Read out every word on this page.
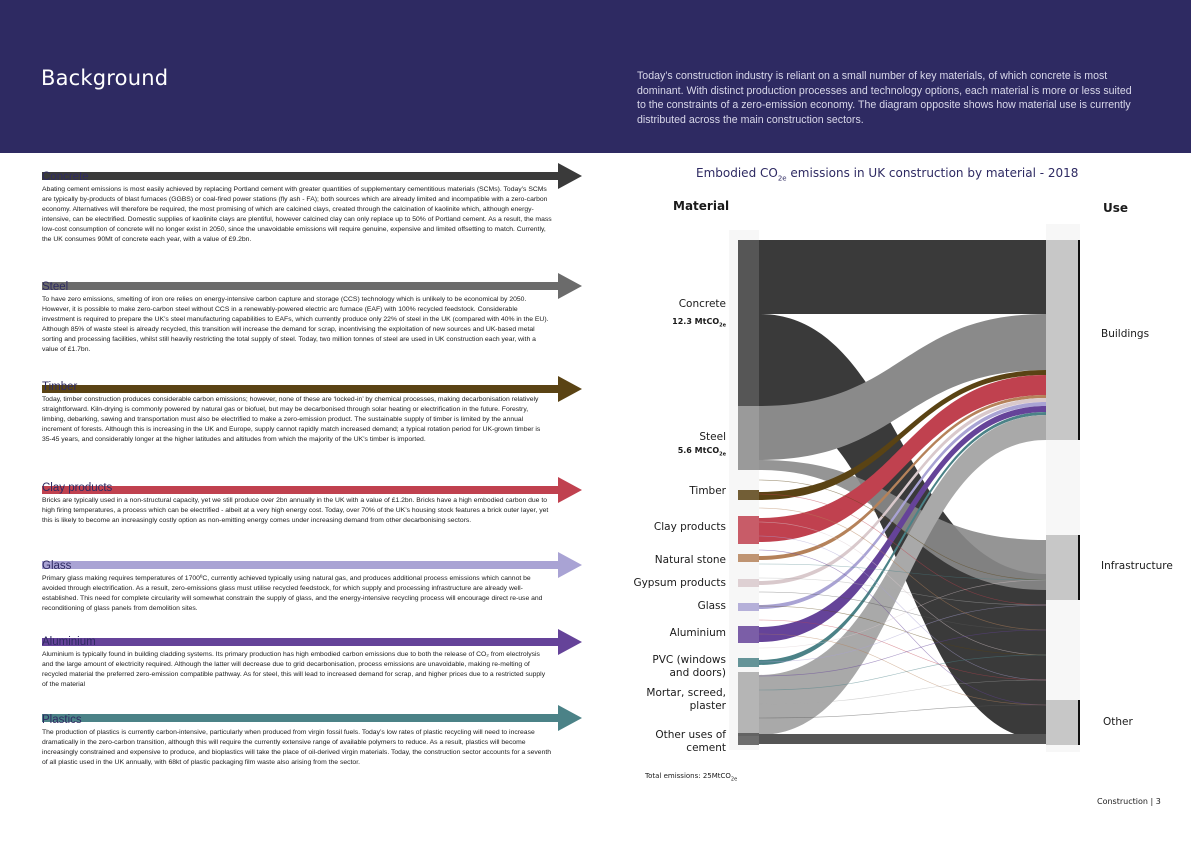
Background	Today’s construction industry is reliant on a small number of key materials, of which concrete is most dominant. With distinct production processes and technology options, each material is more or less suited to the constraints of a zero-emission economy. The diagram opposite shows how material use is currently distributed across the main construction sectors.

Concrete

Abating cement emissions is most easily achieved by replacing Portland cement with greater quantities of supplementary cementitious materials (SCMs). Today’s SCMs are typically by-products of blast furnaces (GGBS) or coal-fired power stations (fly ash - FA); both sources which are already limited and incompatible with a zero-carbon economy. Alternatives will therefore be required, the most promising of which are calcined clays, created through the calcination of kaolinite which, although energy-intensive, can be electrified. Domestic supplies of kaolinite clays are plentiful, however calcined clay can only replace up to 50% of Portland cement. As a result, the mass low-cost consumption of concrete will no longer exist in 2050, since the unavoidable emissions will require genuine, expensive and limited offsetting to match. Currently, the UK consumes 90Mt of concrete each year, with a value of £9.2bn.

Steel

To have zero emissions, smelting of iron ore relies on energy-intensive carbon capture and storage (CCS) technology which is unlikely to be economical by 2050. However, it is possible to make zero-carbon steel without CCS in a renewably-powered electric arc furnace (EAF) with 100% recycled feedstock. Considerable investment is required to prepare the UK’s steel manufacturing capabilities to EAFs, which currently produce only 22% of steel in the UK (compared with 40% in the EU). Although 85% of waste steel is already recycled, this transition will increase the demand for scrap, incentivising the exploitation of new sources and UK-based metal sorting and processing facilities, whilst still heavily restricting the total supply of steel. Today, two million tonnes of steel are used in UK construction each year, with a value of £1.7bn.

Timber

Today, timber construction produces considerable carbon emissions; however, none of these are ‘locked-in’ by chemical processes, making decarbonisation relatively straightforward. Kiln-drying is commonly powered by natural gas or biofuel, but may be decarbonised through solar heating or electrification in the future. Forestry, limbing, debarking, sawing and transportation must also be electrified to make a zero-emission product. The sustainable supply of timber is limited by the annual increment of forests. Although this is increasing in the UK and Europe, supply cannot rapidly match increased demand; a typical rotation period for UK-grown timber is 35-45 years, and considerably longer at the higher latitudes and altitudes from which the majority of the UK’s timber is imported.

Clay products

Bricks are typically used in a non-structural capacity, yet we still produce over 2bn annually in the UK with a value of £1.2bn. Bricks have a high embodied carbon due to high firing temperatures, a process which can be electrified - albeit at a very high energy cost. Today, over 70% of the UK’s housing stock features a brick outer layer, yet this is likely to become an increasingly costly option as non-emitting energy comes under increasing demand from other decarbonising sectors.

Glass

Primary glass making requires temperatures of 1700ºC, currently achieved typically using natural gas, and produces additional process emissions which cannot be avoided through electrification. As a result, zero-emissions glass must utilise recycled feedstock, for which supply and processing infrastructure are already well-established. This need for complete circularity will somewhat constrain the supply of glass, and the energy-intensive recycling process will encourage direct re-use and reconditioning of glass panels from demolition sites.

Aluminium

Aluminium is typically found in building cladding systems. Its primary production has high embodied carbon emissions due to both the release of CO₂ from electrolysis and the large amount of electricity required. Although the latter will decrease due to grid decarbonisation, process emissions are unavoidable, making re-melting of recycled material the preferred zero-emission compatible pathway. As for steel, this will lead to increased demand for scrap, and higher prices due to a restricted supply of the material

Plastics

The production of plastics is currently carbon-intensive, particularly when produced from virgin fossil fuels. Today’s low rates of plastic recycling will need to increase dramatically in the zero-carbon transition, although this will require the currently extensive range of available polymers to reduce. As a result, plastics will become increasingly constrained and expensive to produce, and bioplastics will take the place of oil-derived virgin materials. Today, the construction sector accounts for a seventh of all plastic used in the UK annually, with 68kt of plastic packaging film waste also arising from the sector.

Embodied $CO_{2e}$ emissions in UK construction by material - 2018
Material	Use
Concrete
12.3 MtCO$_{2e}$
Steel
5.6 MtCO$_{2e}$
Timber
Clay products
Natural stone
Gypsum products
Glass
Aluminium
PVC (windows and doors)
Mortar, screed, plaster
Other uses of cement
Buildings
Infrastructure
Other
Total emissions: 25MtCO$_{2e}$
Construction | 3
